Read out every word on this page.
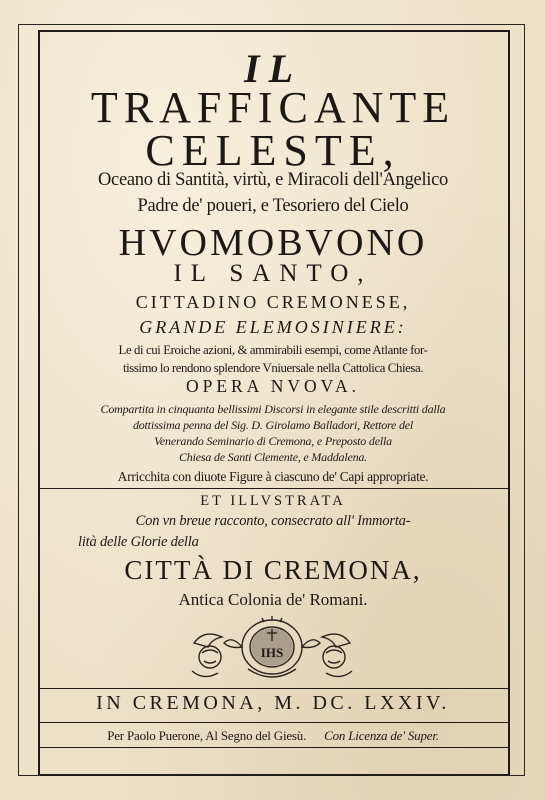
IL
TRAFFICANTE
CELESTE,
Oceano di Santità, virtù, e Miracoli dell'Angelico
Padre de' poueri, e Tesoriero del Cielo
HVOMOBVONO
IL SANTO,
CITTADINO CREMONESE,
GRANDE ELEMOSINIERE:
Le di cui Eroiche azioni, & ammirabili esempi, come Atlante for-
tissimo lo rendono splendore Vniuersale nella Cattolica Chiesa.
OPERA NVOVA.
Compartita in cinquanta bellissimi Discorsi in elegante stile descritti dalla
dottissima penna del Sig. D. Girolamo Balladori, Rettore del
Venerando Seminario di Cremona, e Preposto della
Chiesa de Santi Clemente, e Maddalena.
Arricchita con diuote Figure à ciascuno de' Capi appropriate.
ET ILLVSTRATA
Con vn breue racconto, consecrato all' Immorta-
lità delle Glorie della
CITTÀ DI CREMONA,
Antica Colonia de' Romani.
IHS
IN CREMONA, M. DC. LXXIV.
Per Paolo Puerone, Al Segno del Giesù. Con Licenza de' Super.
